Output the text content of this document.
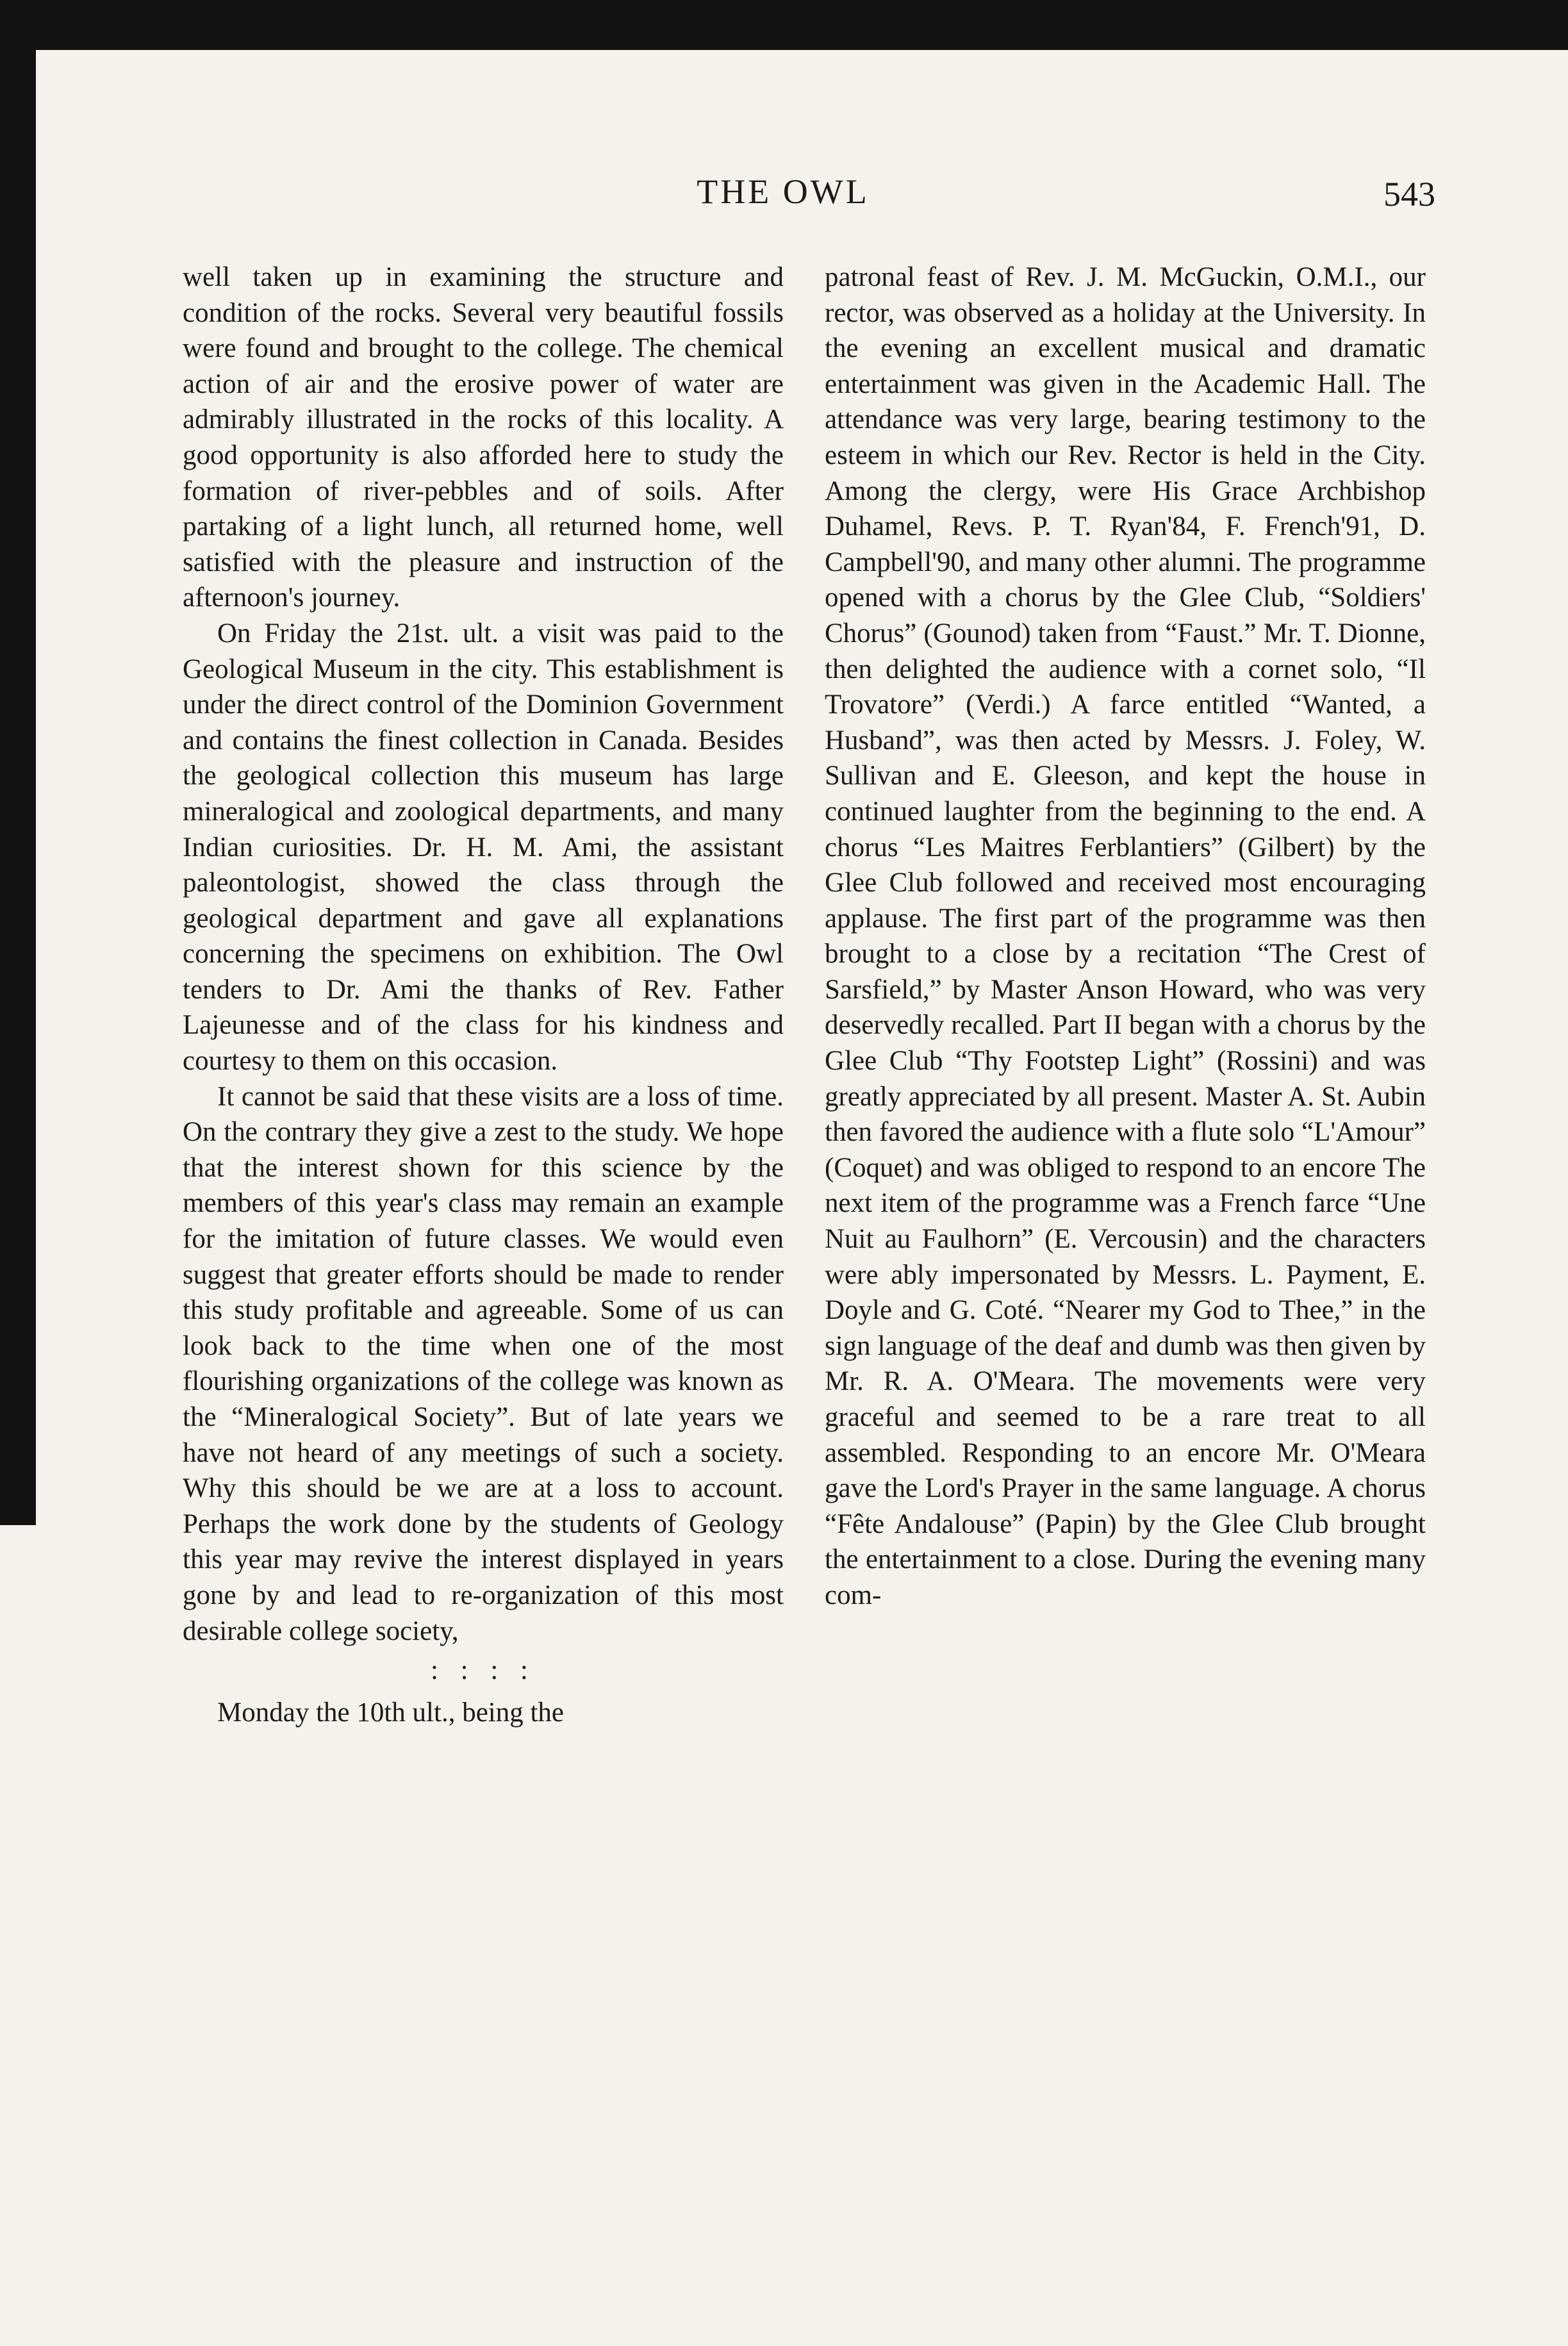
THE OWL	543

well taken up in examining the structure and condition of the rocks. Several very beautiful fossils were found and brought to the college. The chemical action of air and the erosive power of water are admirably illustrated in the rocks of this locality. A good opportunity is also afforded here to study the formation of river-pebbles and of soils. After partaking of a light lunch, all returned home, well satisfied with the pleasure and instruction of the afternoon's journey.

On Friday the 21st. ult. a visit was paid to the Geological Museum in the city. This establishment is under the direct control of the Dominion Government and contains the finest collection in Canada. Besides the geological collection this museum has large mineralogical and zoological departments, and many Indian curiosities. Dr. H. M. Ami, the assistant paleontologist, showed the class through the geological department and gave all explanations concerning the specimens on exhibition. The Owl tenders to Dr. Ami the thanks of Rev. Father Lajeunesse and of the class for his kindness and courtesy to them on this occasion.

It cannot be said that these visits are a loss of time. On the contrary they give a zest to the study. We hope that the interest shown for this science by the members of this year's class may remain an example for the imitation of future classes. We would even suggest that greater efforts should be made to render this study profitable and agreeable. Some of us can look back to the time when one of the most flourishing organizations of the college was known as the “Mineralogical Society”. But of late years we have not heard of any meetings of such a society. Why this should be we are at a loss to account. Perhaps the work done by the students of Geology this year may revive the interest displayed in years gone by and lead to re-organization of this most desirable college society,

: : : :

Monday the 10th ult., being the

patronal feast of Rev. J. M. McGuckin, O.M.I., our rector, was observed as a holiday at the University. In the evening an excellent musical and dramatic entertainment was given in the Academic Hall. The attendance was very large, bearing testimony to the esteem in which our Rev. Rector is held in the City. Among the clergy, were His Grace Archbishop Duhamel, Revs. P. T. Ryan'84, F. French'91, D. Campbell'90, and many other alumni. The programme opened with a chorus by the Glee Club, “Soldiers' Chorus” (Gounod) taken from “Faust.” Mr. T. Dionne, then delighted the audience with a cornet solo, “Il Trovatore” (Verdi.) A farce entitled “Wanted, a Husband”, was then acted by Messrs. J. Foley, W. Sullivan and E. Gleeson, and kept the house in continued laughter from the beginning to the end. A chorus “Les Maitres Ferblantiers” (Gilbert) by the Glee Club followed and received most encouraging applause. The first part of the programme was then brought to a close by a recitation “The Crest of Sarsfield,” by Master Anson Howard, who was very deservedly recalled. Part II began with a chorus by the Glee Club “Thy Footstep Light” (Rossini) and was greatly appreciated by all present. Master A. St. Aubin then favored the audience with a flute solo “L'Amour” (Coquet) and was obliged to respond to an encore The next item of the programme was a French farce “Une Nuit au Faulhorn” (E. Vercousin) and the characters were ably impersonated by Messrs. L. Payment, E. Doyle and G. Coté. “Nearer my God to Thee,” in the sign language of the deaf and dumb was then given by Mr. R. A. O'Meara. The movements were very graceful and seemed to be a rare treat to all assembled. Responding to an encore Mr. O'Meara gave the Lord's Prayer in the same language. A chorus “Fête Andalouse” (Papin) by the Glee Club brought the entertainment to a close. During the evening many com-
